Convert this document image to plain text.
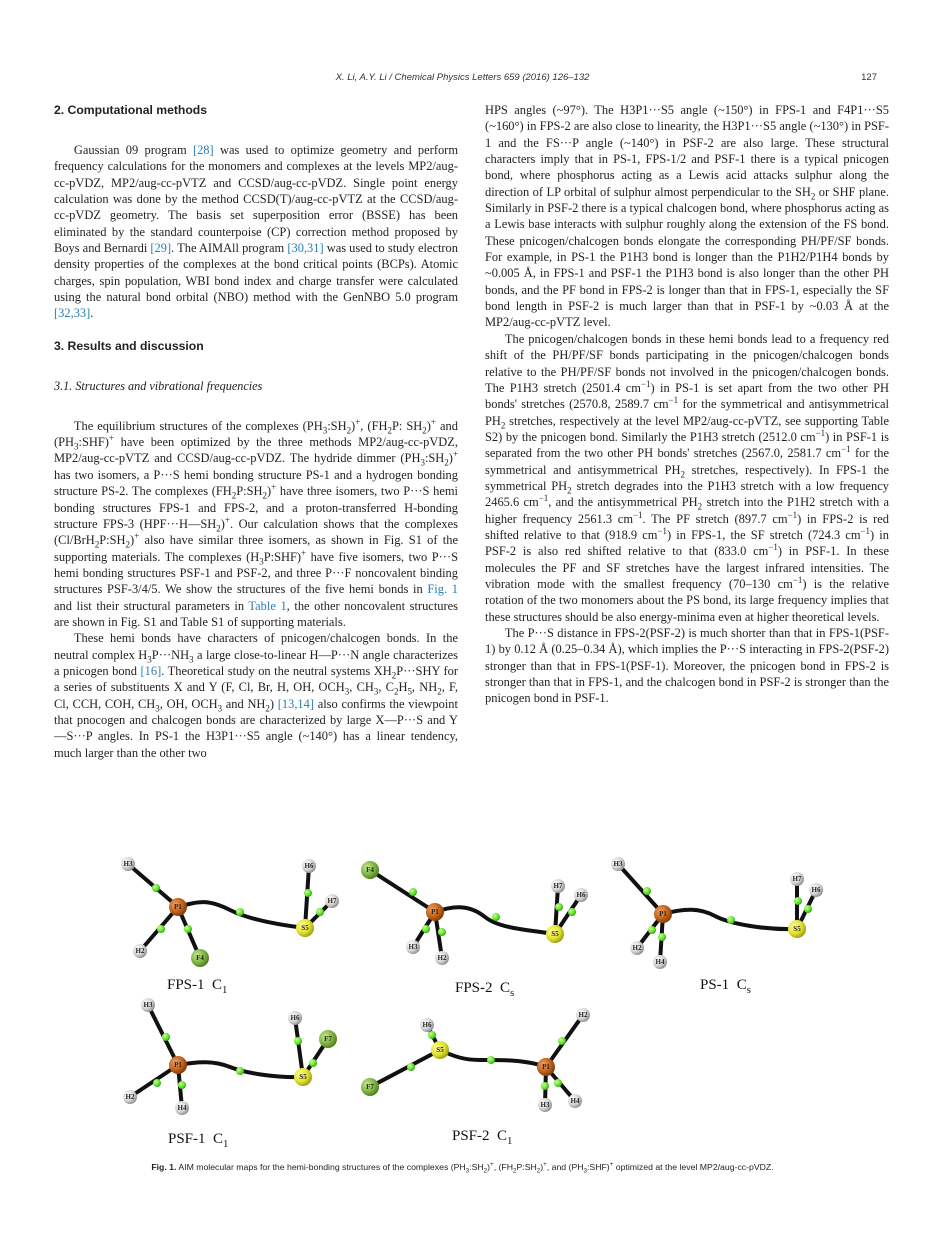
X. Li, A.Y. Li / Chemical Physics Letters 659 (2016) 126–132	127
2. Computational methods

Gaussian 09 program [28] was used to optimize geometry and perform frequency calculations for the monomers and complexes at the levels MP2/aug-cc-pVDZ, MP2/aug-cc-pVTZ and CCSD/aug-cc-pVDZ. Single point energy calculation was done by the method CCSD(T)/aug-cc-pVTZ at the CCSD/aug-cc-pVDZ geometry. The basis set superposition error (BSSE) has been eliminated by the standard counterpoise (CP) correction method proposed by Boys and Bernardi [29]. The AIMAll program [30,31] was used to study electron density properties of the complexes at the bond critical points (BCPs). Atomic charges, spin population, WBI bond index and charge transfer were calculated using the natural bond orbital (NBO) method with the GenNBO 5.0 program [32,33].

3. Results and discussion
3.1. Structures and vibrational frequencies

The equilibrium structures of the complexes $(PH_3:SH_2)^+$, ($FH_2P$: $SH_2)^+$ and $(PH_3:SHF)^+$ have been optimized by the three methods MP2/aug-cc-pVDZ, MP2/aug-cc-pVTZ and CCSD/aug-cc-pVDZ. The hydride dimmer $(PH_3:SH_2)^+$ has two isomers, a P···S hemi bonding structure PS-1 and a hydrogen bonding structure PS-2. The complexes $(FH_2P:SH_2)^+$ have three isomers, two P···S hemi bonding structures FPS-1 and FPS-2, and a proton-transferred H-bonding structure FPS-3 $(HPF\cdot\cdot\cdot H—SH_2)^+$. Our calculation shows that the complexes $(Cl/BrH_2P:SH_2)^+$ also have similar three isomers, as shown in Fig. S1 of the supporting materials. The complexes $(H_3P:SHF)^+$ have five isomers, two P···S hemi bonding structures PSF-1 and PSF-2, and three P···F noncovalent binding structures PSF-3/4/5. We show the structures of the five hemi bonds in Fig. 1 and list their structural parameters in Table 1, the other noncovalent structures are shown in Fig. S1 and Table S1 of supporting materials.

These hemi bonds have characters of pnicogen/chalcogen bonds. In the neutral complex $H_3P\cdot\cdot\cdot NH_3$ a large close-to-linear H—P···N angle characterizes a pnicogen bond [16]. Theoretical study on the neutral systems $XH_2P\cdot\cdot\cdot SHY$ for a series of substituents X and Y (F, Cl, Br, H, OH, $OCH_3$, $CH_3$, $C_2H_5$, $NH_2$, F, Cl, CCH, COH, $CH_3$, OH, $OCH_3$ and $NH_2$) [13,14] also confirms the viewpoint that pnocogen and chalcogen bonds are characterized by large X—P···S and Y—S···P angles. In PS-1 the H3P1···S5 angle (~140°) has a linear tendency, much larger than the other two

HPS angles (~97°). The H3P1···S5 angle (~150°) in FPS-1 and F4P1···S5 (~160°) in FPS-2 are also close to linearity, the H3P1···S5 angle (~130°) in PSF-1 and the FS···P angle (~140°) in PSF-2 are also large. These structural characters imply that in PS-1, FPS-1/2 and PSF-1 there is a typical pnicogen bond, where phosphorus acting as a Lewis acid attacks sulphur along the direction of LP orbital of sulphur almost perpendicular to the $SH_2$ or SHF plane. Similarly in PSF-2 there is a typical chalcogen bond, where phosphorus acting as a Lewis base interacts with sulphur roughly along the extension of the FS bond. These pnicogen/chalcogen bonds elongate the corresponding PH/PF/SF bonds. For example, in PS-1 the P1H3 bond is longer than the P1H2/P1H4 bonds by ~0.005 Å, in FPS-1 and PSF-1 the P1H3 bond is also longer than the other PH bonds, and the PF bond in FPS-2 is longer than that in FPS-1, especially the SF bond length in PSF-2 is much larger than that in PSF-1 by ~0.03 Å at the MP2/aug-cc-pVTZ level.

The pnicogen/chalcogen bonds in these hemi bonds lead to a frequency red shift of the PH/PF/SF bonds participating in the pnicogen/chalcogen bonds relative to the PH/PF/SF bonds not involved in the pnicogen/chalcogen bonds. The P1H3 stretch (2501.4 $cm^{-1}$) in PS-1 is set apart from the two other PH bonds' stretches (2570.8, 2589.7 $cm^{-1}$ for the symmetrical and antisymmetrical $PH_2$ stretches, respectively at the level MP2/aug-cc-pVTZ, see supporting Table S2) by the pnicogen bond. Similarly the P1H3 stretch (2512.0 $cm^{-1}$) in PSF-1 is separated from the two other PH bonds' stretches (2567.0, 2581.7 $cm^{-1}$ for the symmetrical and antisymmetrical $PH_2$ stretches, respectively). In FPS-1 the symmetrical $PH_2$ stretch degrades into the P1H3 stretch with a low frequency 2465.6 $cm^{-1}$, and the antisymmetrical $PH_2$ stretch into the P1H2 stretch with a higher frequency 2561.3 $cm^{-1}$. The PF stretch (897.7 $cm^{-1}$) in FPS-2 is red shifted relative to that (918.9 $cm^{-1}$) in FPS-1, the SF stretch (724.3 $cm^{-1}$) in PSF-2 is also red shifted relative to that (833.0 $cm^{-1}$) in PSF-1. In these molecules the PF and SF stretches have the largest infrared intensities. The vibration mode with the smallest frequency (70–130 $cm^{-1}$) is the relative rotation of the two monomers about the PS bond, its large frequency implies that these structures should be also energy-minima even at higher theoretical levels.

The P···S distance in FPS-2(PSF-2) is much shorter than that in FPS-1(PSF-1) by 0.12 Å (0.25–0.34 Å), which implies the P···S interacting in FPS-2(PSF-2) stronger than that in FPS-1(PSF-1). Moreover, the pnicogen bond in FPS-2 is stronger than that in FPS-1, and the chalcogen bond in PSF-2 is stronger than the pnicogen bond in PSF-1.

H3
P1
H2
F4
H6
H7
S5
FPS-1 $C_1$
F4
P1
H3
H2
H7
H6
S5
FPS-2 $C_s$
H3
P1
H2
H4
H7
H6
S5
PS-1 $C_s$
H3
P1
H2
H4
H6
F7
S5
PSF-1 $C_1$
H6
S5
F7
H2
P1
H3	H4
PSF-2 $C_1$
Fig. 1. AIM molecular maps for the hemi-bonding structures of the complexes $(PH_3:SH_2)^+$, $(FH_2P:SH_2)^+$, and $(PH_3:SHF)^+$ optimized at the level MP2/aug-cc-pVDZ.
